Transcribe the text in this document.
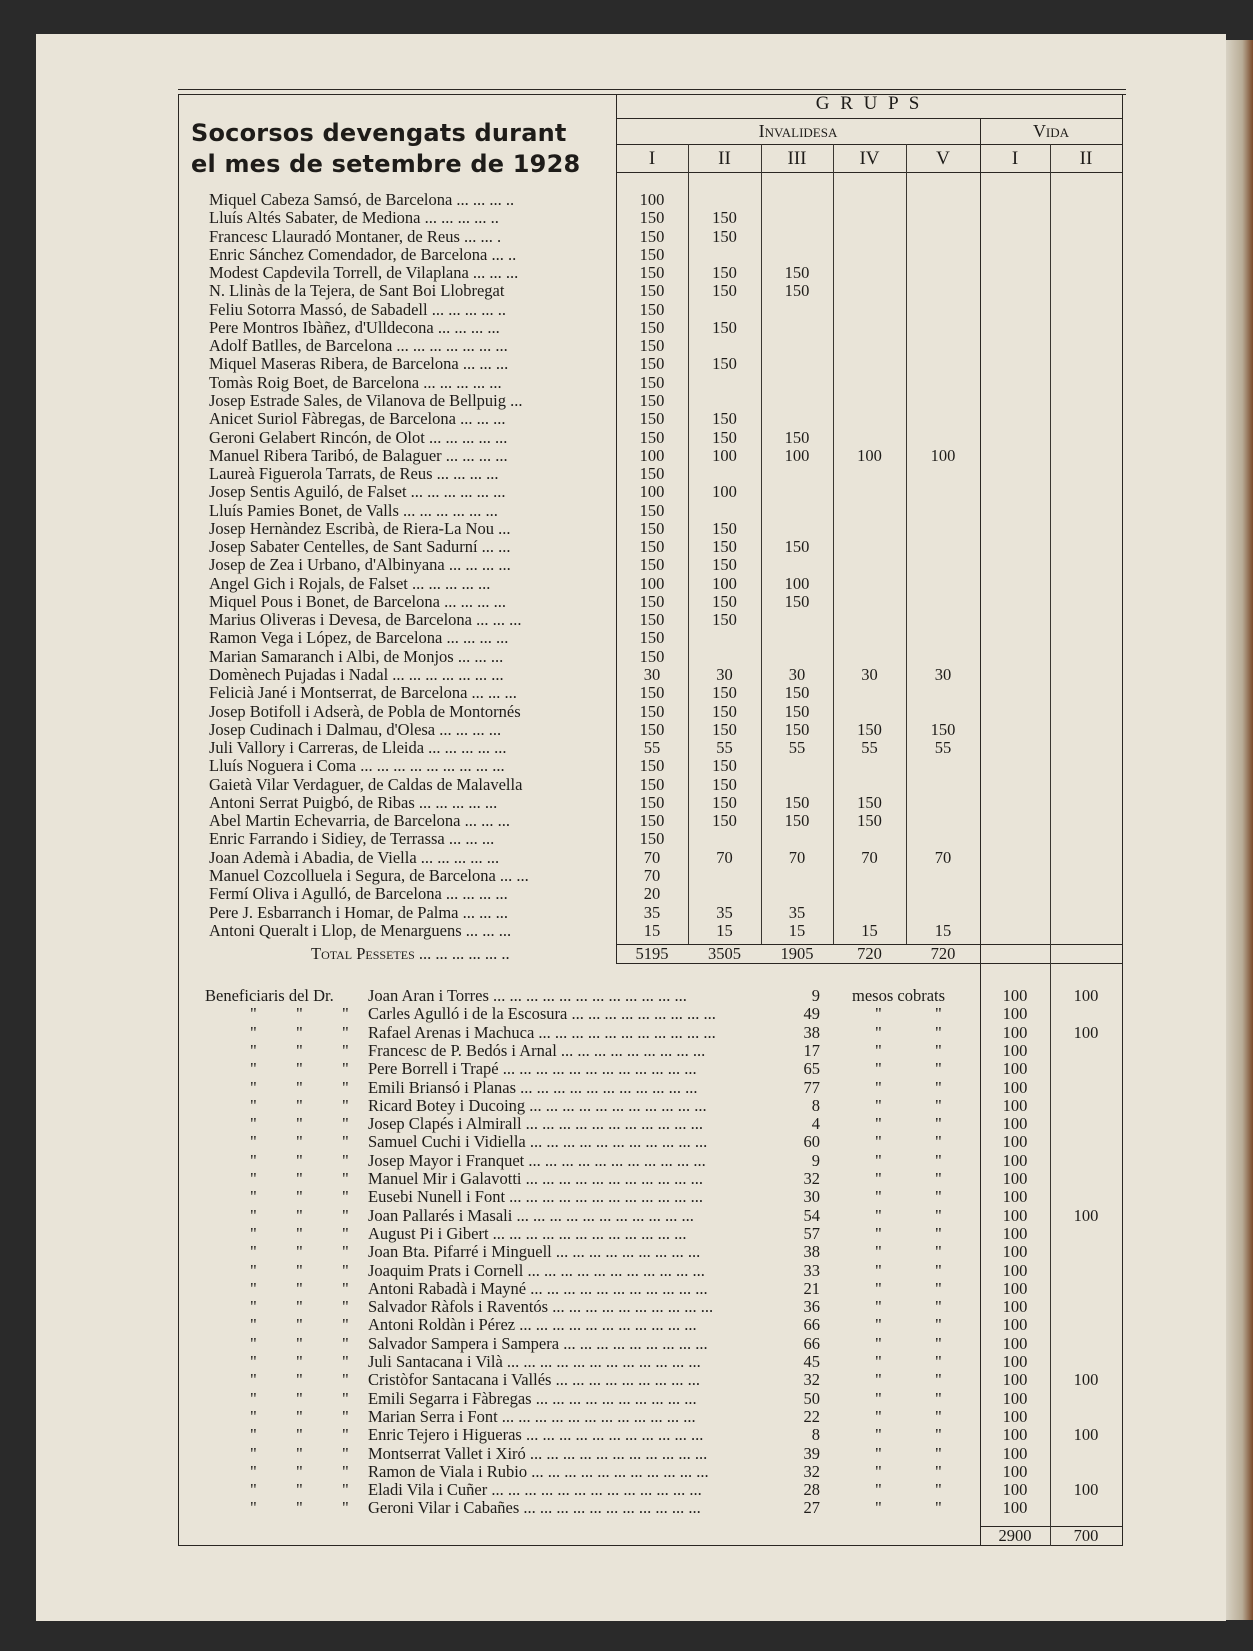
Socorsos devengats durant
el mes de setembre de 1928
G R U P S
Invalidesa	Vida
I	II	III	IV	V	I	II
Miquel Cabeza Samsó, de Barcelona ... ... ... ..	100
Lluís Altés Sabater, de Mediona ... ... ... ... ..	150	150
Francesc Llauradó Montaner, de Reus ... ... .	150	150
Enric Sánchez Comendador, de Barcelona ... ..	150
Modest Capdevila Torrell, de Vilaplana ... ... ...	150	150	150
N. Llinàs de la Tejera, de Sant Boi Llobregat	150	150	150
Feliu Sotorra Massó, de Sabadell ... ... ... ... ..	150
Pere Montros Ibàñez, d'Ulldecona ... ... ... ...	150	150
Adolf Batlles, de Barcelona ... ... ... ... ... ... ...	150
Miquel Maseras Ribera, de Barcelona ... ... ...	150	150
Tomàs Roig Boet, de Barcelona ... ... ... ... ...	150
Josep Estrade Sales, de Vilanova de Bellpuig ...	150
Anicet Suriol Fàbregas, de Barcelona ... ... ...	150	150
Geroni Gelabert Rincón, de Olot ... ... ... ... ...	150	150	150
Manuel Ribera Taribó, de Balaguer ... ... ... ...	100	100	100	100	100
Laureà Figuerola Tarrats, de Reus ... ... ... ...	150
Josep Sentis Aguiló, de Falset ... ... ... ... ... ...	100	100
Lluís Pamies Bonet, de Valls ... ... ... ... ... ...	150
Josep Hernàndez Escribà, de Riera-La Nou ...	150	150
Josep Sabater Centelles, de Sant Sadurní ... ...	150	150	150
Josep de Zea i Urbano, d'Albinyana ... ... ... ...	150	150
Angel Gich i Rojals, de Falset ... ... ... ... ...	100	100	100
Miquel Pous i Bonet, de Barcelona ... ... ... ...	150	150	150
Marius Oliveras i Devesa, de Barcelona ... ... ...	150	150
Ramon Vega i López, de Barcelona ... ... ... ...	150
Marian Samaranch i Albi, de Monjos ... ... ...	150
Domènech Pujadas i Nadal ... ... ... ... ... ... ...	30	30	30	30	30
Felicià Jané i Montserrat, de Barcelona ... ... ...	150	150	150
Josep Botifoll i Adserà, de Pobla de Montornés	150	150	150
Josep Cudinach i Dalmau, d'Olesa ... ... ... ...	150	150	150	150	150
Juli Vallory i Carreras, de Lleida ... ... ... ... ...	55	55	55	55	55
Lluís Noguera i Coma ... ... ... ... ... ... ... ... ...	150	150
Gaietà Vilar Verdaguer, de Caldas de Malavella	150	150
Antoni Serrat Puigbó, de Ribas ... ... ... ... ...	150	150	150	150
Abel Martin Echevarria, de Barcelona ... ... ...	150	150	150	150
Enric Farrando i Sidiey, de Terrassa ... ... ...	150
Joan Ademà i Abadia, de Viella ... ... ... ... ...	70	70	70	70	70
Manuel Cozcolluela i Segura, de Barcelona ... ...	70
Fermí Oliva i Agulló, de Barcelona ... ... ... ...	20
Pere J. Esbarranch i Homar, de Palma ... ... ...	35	35	35
Antoni Queralt i Llop, de Menarguens ... ... ...	15	15	15	15	15
Total Pessetes ... ... ... ... ... ..	5195	3505	1905	720	720
Beneficiaris del Dr.	Joan Aran i Torres ... ... ... ... ... ... ... ... ... ... ... ...	9 mesos cobrats	100	100
" " " Carles Agulló i de la Escosura ... ... ... ... ... ... ... ... ...	49	"	"	100
" " " Rafael Arenas i Machuca ... ... ... ... ... ... ... ... ... ... ...	38	"	"	100	100
" " " Francesc de P. Bedós i Arnal ... ... ... ... ... ... ... ... ...	17	"	"	100
" " " Pere Borrell i Trapé ... ... ... ... ... ... ... ... ... ... ... ...	65	"	"	100
" " " Emili Briansó i Planas ... ... ... ... ... ... ... ... ... ... ...	77	"	"	100
" " " Ricard Botey i Ducoing ... ... ... ... ... ... ... ... ... ... ...	8	"	"	100
" " " Josep Clapés i Almirall ... ... ... ... ... ... ... ... ... ... ...	4	"	"	100
" " " Samuel Cuchi i Vidiella ... ... ... ... ... ... ... ... ... ... ...	60	"	"	100
" " " Josep Mayor i Franquet ... ... ... ... ... ... ... ... ... ... ...	9	"	"	100
" " " Manuel Mir i Galavotti ... ... ... ... ... ... ... ... ... ... ...	32	"	"	100
" " " Eusebi Nunell i Font ... ... ... ... ... ... ... ... ... ... ... ...	30	"	"	100
" " " Joan Pallarés i Masali ... ... ... ... ... ... ... ... ... ... ...	54	"	"	100	100
" " " August Pi i Gibert ... ... ... ... ... ... ... ... ... ... ... ...	57	"	"	100
" " " Joan Bta. Pifarré i Minguell ... ... ... ... ... ... ... ... ...	38	"	"	100
" " " Joaquim Prats i Cornell ... ... ... ... ... ... ... ... ... ... ...	33	"	"	100
" " " Antoni Rabadà i Mayné ... ... ... ... ... ... ... ... ... ... ...	21	"	"	100
" " " Salvador Ràfols i Raventós ... ... ... ... ... ... ... ... ... ...	36	"	"	100
" " " Antoni Roldàn i Pérez ... ... ... ... ... ... ... ... ... ... ...	66	"	"	100
" " " Salvador Sampera i Sampera ... ... ... ... ... ... ... ... ...	66	"	"	100
" " " Juli Santacana i Vilà ... ... ... ... ... ... ... ... ... ... ... ...	45	"	"	100
" " " Cristòfor Santacana i Vallés ... ... ... ... ... ... ... ... ...	32	"	"	100	100
" " " Emili Segarra i Fàbregas ... ... ... ... ... ... ... ... ... ...	50	"	"	100
" " " Marian Serra i Font ... ... ... ... ... ... ... ... ... ... ... ...	22	"	"	100
" " " Enric Tejero i Higueras ... ... ... ... ... ... ... ... ... ... ...	8	"	"	100	100
" " " Montserrat Vallet i Xiró ... ... ... ... ... ... ... ... ... ... ...	39	"	"	100
" " " Ramon de Viala i Rubio ... ... ... ... ... ... ... ... ... ... ...	32	"	"	100
" " " Eladi Vila i Cuñer ... ... ... ... ... ... ... ... ... ... ... ... ...	28	"	"	100	100
" " " Geroni Vilar i Cabañes ... ... ... ... ... ... ... ... ... ... ...	27	"	"	100
2900	700
